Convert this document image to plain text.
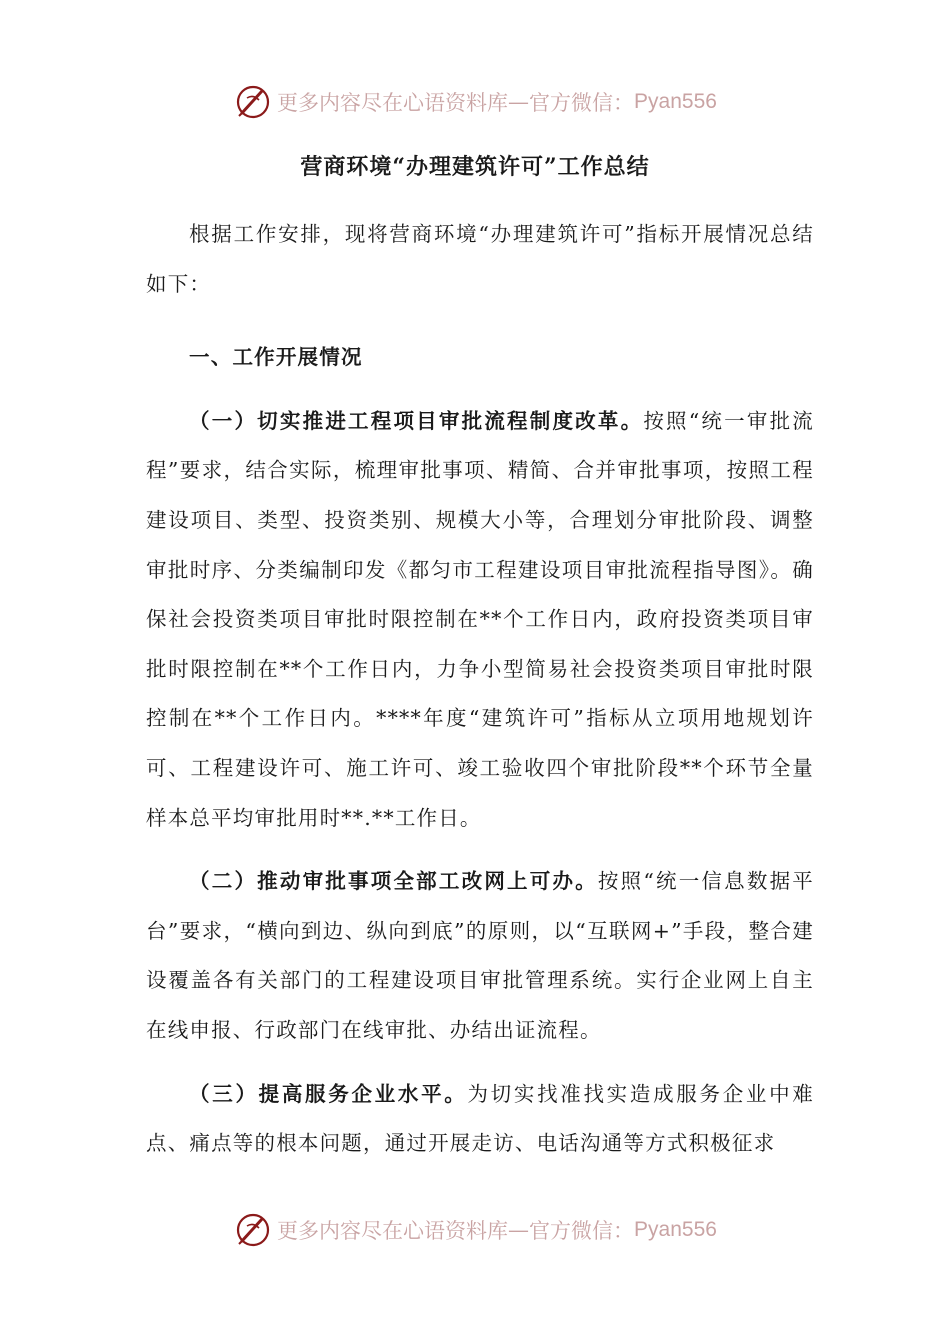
更多内容尽在心语资料库 — 官方微信： Pyan556
营商环境“办理建筑许可”工作总结

根据工作安排，现将营商环境“办理建筑许可”指标开展情况总结如下：

一、工作开展情况

（一）切实推进工程项目审批流程制度改革。按照“统一审批流程”要求，结合实际，梳理审批事项、精简、合并审批事项，按照工程建设项目、类型、投资类别、规模大小等，合理划分审批阶段、调整审批时序、分类编制印发《都匀市工程建设项目审批流程指导图》。确保社会投资类项目审批时限控制在**个工作日内，政府投资类项目审批时限控制在**个工作日内，力争小型简易社会投资类项目审批时限控制在**个工作日内。****年度“建筑许可”指标从立项用地规划许可、工程建设许可、施工许可、竣工验收四个审批阶段**个环节全量样本总平均审批用时**.**工作日。

（二）推动审批事项全部工改网上可办。按照“统一信息数据平台”要求，“横向到边、纵向到底”的原则，以“互联网+”手段，整合建设覆盖各有关部门的工程建设项目审批管理系统。实行企业网上自主在线申报、行政部门在线审批、办结出证流程。

（三）提高服务企业水平。为切实找准找实造成服务企业中难点、痛点等的根本问题，通过开展走访、电话沟通等方式积极征求

更多内容尽在心语资料库 — 官方微信： Pyan556
